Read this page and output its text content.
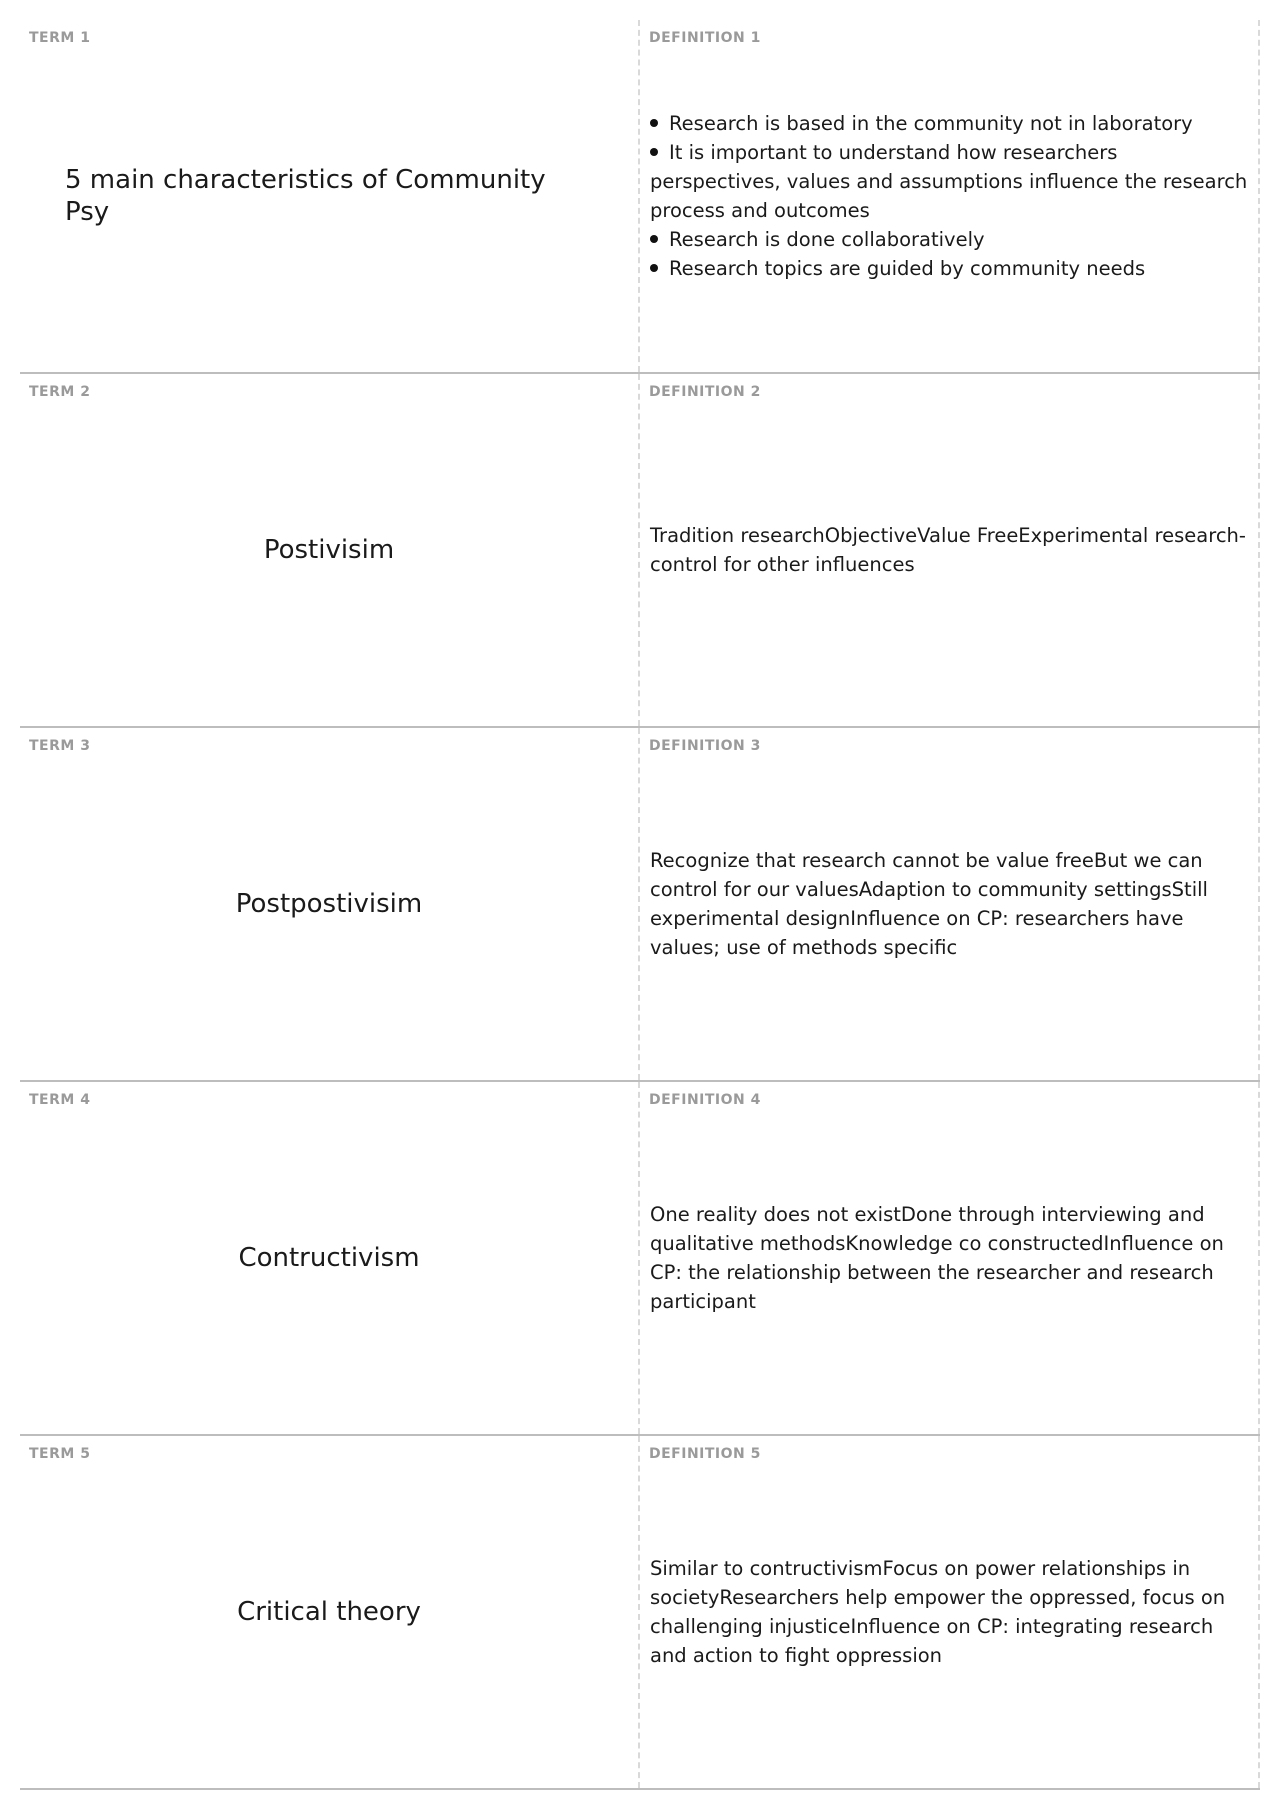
TERM 1
5 main characteristics of Community Psy
DEFINITION 1
Research is based in the community not in laboratory
It is important to understand how researchers perspectives, values and assumptions influence the research process and outcomes
Research is done collaboratively
Research topics are guided by community needs
TERM 2
Postivisim
DEFINITION 2
Tradition researchObjectiveValue FreeExperimental research- control for other influences
TERM 3
Postpostivisim
DEFINITION 3
Recognize that research cannot be value freeBut we can control for our valuesAdaption to community settingsStill experimental designInfluence on CP: researchers have values; use of methods specific
TERM 4
Contructivism
DEFINITION 4
One reality does not existDone through interviewing and qualitative methodsKnowledge co constructedInfluence on CP: the relationship between the researcher and research participant
TERM 5
Critical theory
DEFINITION 5
Similar to contructivismFocus on power relationships in societyResearchers help empower the oppressed, focus on challenging injusticeInfluence on CP: integrating research and action to fight oppression
